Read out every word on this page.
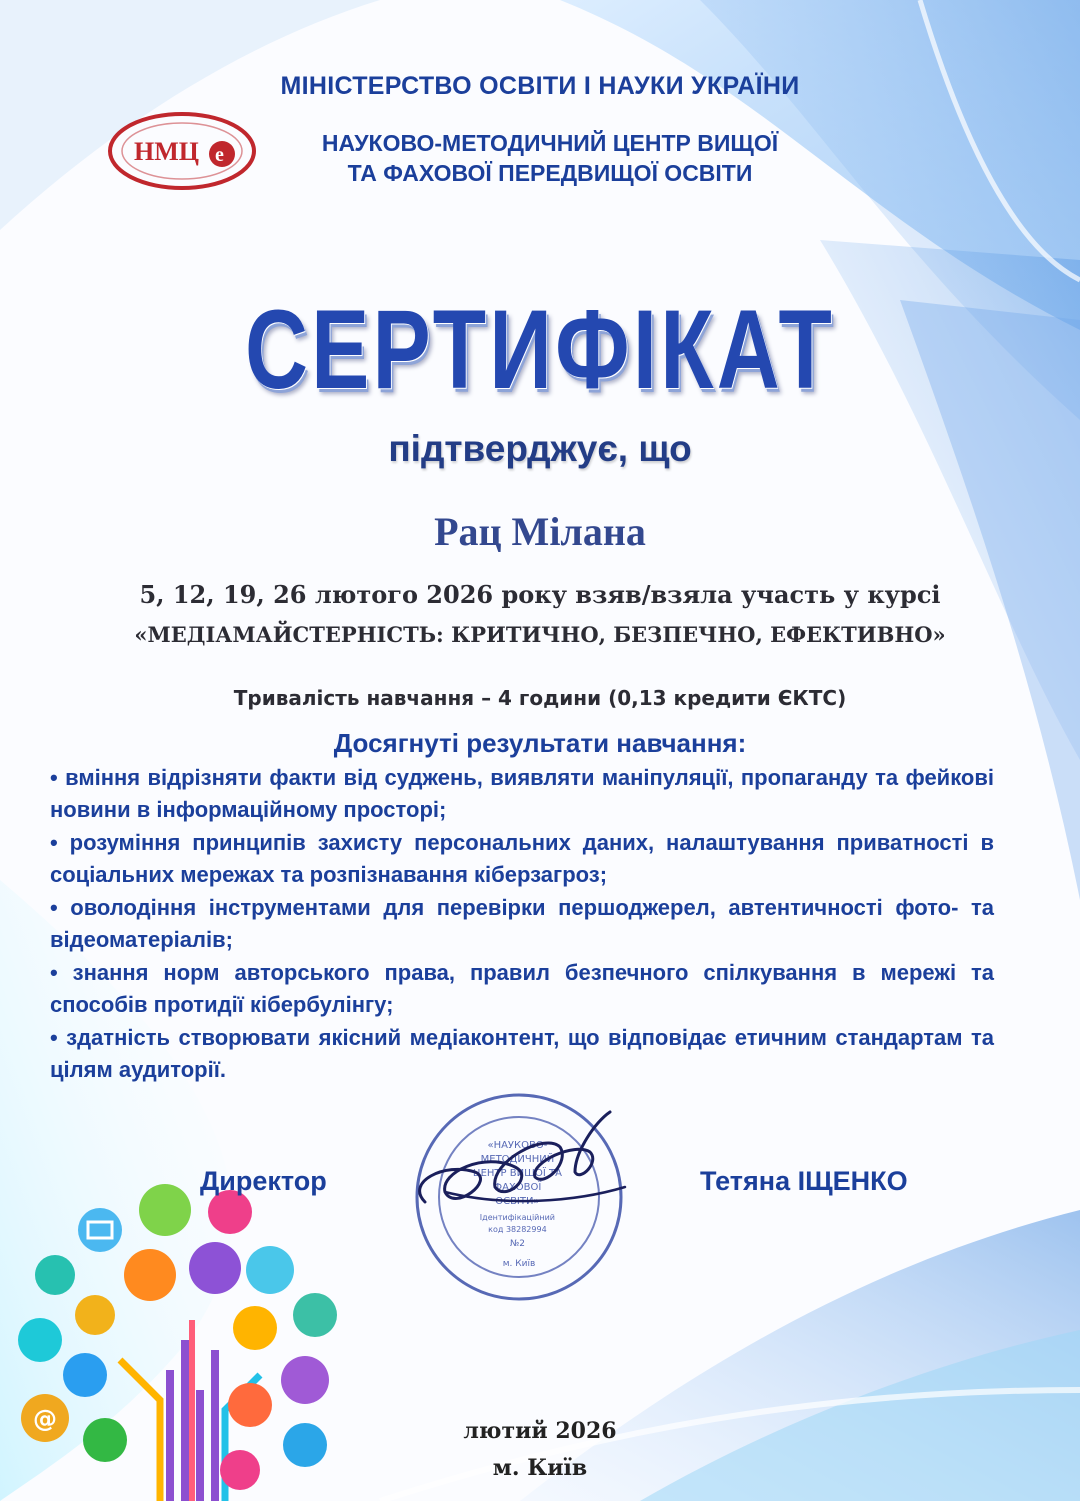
НМЦ е
МІНІСТЕРСТВО ОСВІТИ І НАУКИ УКРАЇНИ
НАУКОВО-МЕТОДИЧНИЙ ЦЕНТР ВИЩОЇ
ТА ФАХОВОЇ ПЕРЕДВИЩОЇ ОСВІТИ
СЕРТИФІКАТ
підтверджує, що
Рац Мілана
5, 12, 19, 26 лютого 2026 року взяв/взяла участь у курсі
«МЕДІАМАЙСТЕРНІСТЬ: КРИТИЧНО, БЕЗПЕЧНО, ЕФЕКТИВНО»
Тривалість навчання – 4 години (0,13 кредити ЄКТС)
Досягнуті результати навчання:
• вміння відрізняти факти від суджень, виявляти маніпуляції, пропаганду та фейкові новини в інформаційному просторі;
• розуміння принципів захисту персональних даних, налаштування приватності в соціальних мережах та розпізнавання кіберзагроз;
• оволодіння інструментами для перевірки першоджерел, автентичності фото- та відеоматеріалів;
• знання норм авторського права, правил безпечного спілкування в мережі та способів протидії кібербулінгу;
• здатність створювати якісний медіаконтент, що відповідає етичним стандартам та цілям аудиторії.
@
Директор	Тетяна ІЩЕНКО
«НАУКОВО- МЕТОДИЧНИЙ ЦЕНТР ВИЩОЇ ТА ФАХОВОЇ ОСВІТИ» Ідентифікаційний код 38282994 №2 м. Київ
лютий 2026
м. Київ
